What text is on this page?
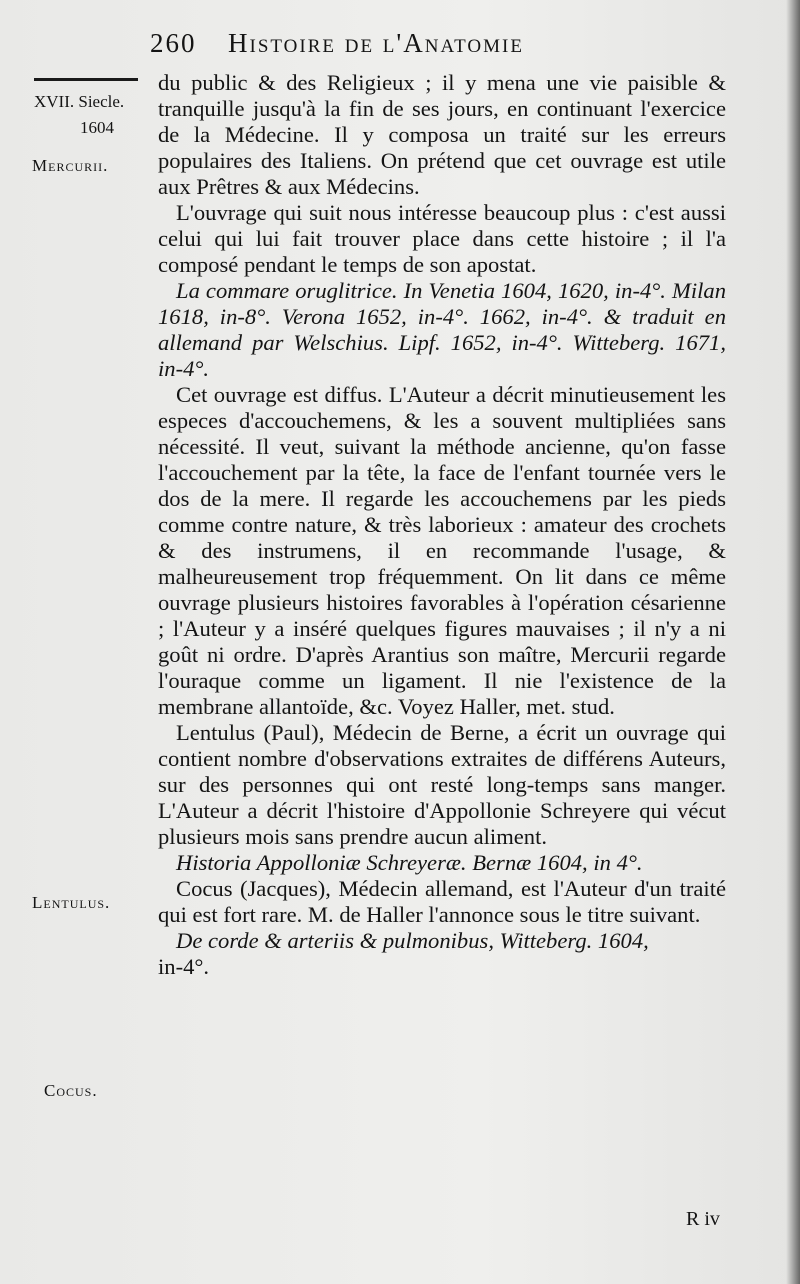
260 Histoire de l'Anatomie
XVII. Siecle.
1604
Mercurii.
Lentulus.
Cocus.

du public & des Religieux ; il y mena une vie paisible & tranquille jusqu'à la fin de ses jours, en continuant l'exercice de la Médecine. Il y composa un traité sur les erreurs populaires des Italiens. On prétend que cet ouvrage est utile aux Prêtres & aux Médecins.

L'ouvrage qui suit nous intéresse beaucoup plus : c'est aussi celui qui lui fait trouver place dans cette histoire ; il l'a composé pendant le temps de son apostat.

La commare oruglitrice. In Venetia 1604, 1620, in-4°. Milan 1618, in-8°. Verona 1652, in-4°. 1662, in-4°. & traduit en allemand par Welschius. Lipf. 1652, in-4°. Witteberg. 1671, in-4°.

Cet ouvrage est diffus. L'Auteur a décrit minutieusement les especes d'accouchemens, & les a souvent multipliées sans nécessité. Il veut, suivant la méthode ancienne, qu'on fasse l'accouchement par la tête, la face de l'enfant tournée vers le dos de la mere. Il regarde les accouchemens par les pieds comme contre nature, & très laborieux : amateur des crochets & des instrumens, il en recommande l'usage, & malheureusement trop fréquemment. On lit dans ce même ouvrage plusieurs histoires favorables à l'opération césarienne ; l'Auteur y a inséré quelques figures mauvaises ; il n'y a ni goût ni ordre. D'après Arantius son maître, Mercurii regarde l'ouraque comme un ligament. Il nie l'existence de la membrane allantoïde, &c. Voyez Haller, met. stud.

Lentulus (Paul), Médecin de Berne, a écrit un ouvrage qui contient nombre d'observations extraites de différens Auteurs, sur des personnes qui ont resté long-temps sans manger. L'Auteur a décrit l'histoire d'Appollonie Schreyere qui vécut plusieurs mois sans prendre aucun aliment.

Historia Appolloniæ Schreyeræ. Bernæ 1604, in 4°.

Cocus (Jacques), Médecin allemand, est l'Auteur d'un traité qui est fort rare. M. de Haller l'annonce sous le titre suivant.

De corde & arteriis & pulmonibus, Witteberg. 1604,

in-4°.

R iv
